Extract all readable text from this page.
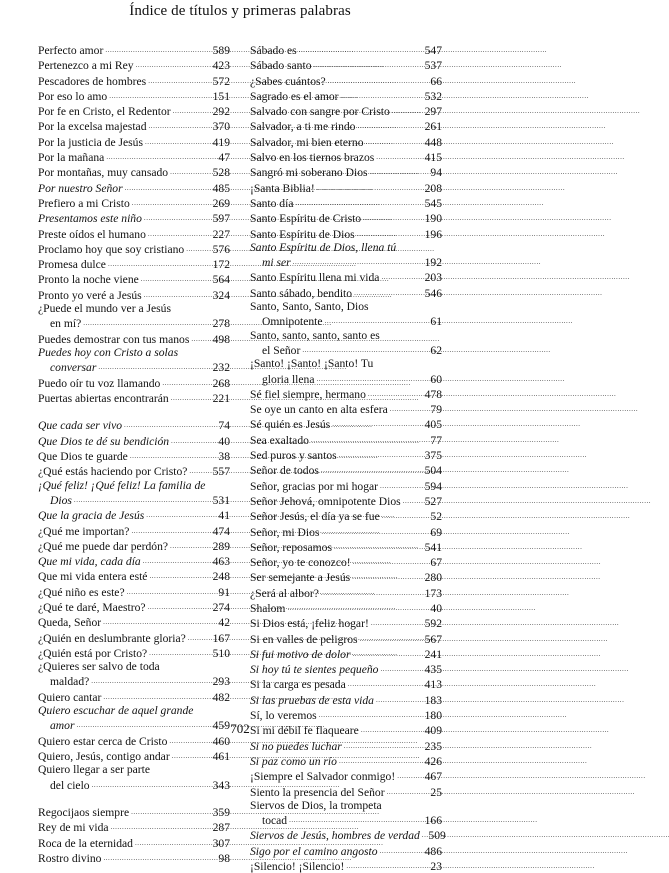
Índice de títulos y primeras palabras
Perfecto amor . . .	589
Pertenezco a mi Rey . . .	423
Pescadores de hombres . . .	572
Por eso lo amo . . .	151
Por fe en Cristo, el Redentor . . .	292
Por la excelsa majestad . . .	370
Por la justicia de Jesús . . .	419
Por la mañana . . .	47
Por montañas, muy cansado . . .	528
Por nuestro Señor . . .	485
Prefiero a mi Cristo . . .	269
Presentamos este niño . . .	597
Preste oídos el humano . . .	227
Proclamo hoy que soy cristiano . . . 576
Promesa dulce . . .	172
Pronto la noche viene . . .	564
Pronto yo veré a Jesús . . .	324
¿Puede el mundo ver a Jesús
en mí? . . .	278
Puedes demostrar con tus manos . . . 498
Puedes hoy con Cristo a solas
conversar . . .	232
Puedo oír tu voz llamando . . .	268
Puertas abiertas encontrarán . . .	221
Que cada ser vivo . . .	74
Que Dios te dé su bendición . . .	40
Que Dios te guarde . . .	38
¿Qué estás haciendo por Cristo? . . . 557
¡Qué feliz! ¡Qué feliz! La familia de
Dios . . .	531
Que la gracia de Jesús . . .	41
¿Qué me importan? . . .	474
¿Qué me puede dar perdón? . . .	289
Que mi vida, cada día . . .	463
Que mi vida entera esté . . .	248
¿Qué niño es este? . . .	91
¿Qué te daré, Maestro? . . .	274
Queda, Señor . . .	42
¿Quién en deslumbrante gloria? . . . 167
¿Quién está por Cristo? . . .	510
¿Quieres ser salvo de toda
maldad? . . .	293
Quiero cantar . . .	482
Quiero escuchar de aquel grande
amor . . .	459
Quiero estar cerca de Cristo . . .	460
Quiero, Jesús, contigo andar . . .	461
Quiero llegar a ser parte
del cielo . . .	343
Regocijaos siempre . . .	359
Rey de mi vida . . .	287
Roca de la eternidad . . .	307
Rostro divino . . .	98
Sábado es . . .	547
Sábado santo . . .	537
¿Sabes cuántos? . . .	66
Sagrado es el amor . . .	532
Salvado con sangre por Cristo . . .	297
Salvador, a ti me rindo . . .	261
Salvador, mi bien eterno . . .	448
Salvo en los tiernos brazos . . .	415
Sangró mi soberano Dios . . .	94
¡Santa Biblia! . . .	208
Santo día . . .	545
Santo Espíritu de Cristo . . .	190
Santo Espíritu de Dios . . .	196
Santo Espíritu de Dios, llena tú
mi ser . . .	192
Santo Espíritu llena mi vida . . .	203
Santo sábado, bendito . . .	546
Santo, Santo, Santo, Dios
Omnipotente . . .	61
Santo, santo, santo, santo es
el Señor . . .	62
¡Santo! ¡Santo! ¡Santo! Tu
gloria llena . . .	60
Sé fiel siempre, hermano . . .	478
Se oye un canto en alta esfera . . .	79
Sé quién es Jesús . . .	405
Sea exaltado . . .	77
Sed puros y santos . . .	375
Señor de todos . . .	504
Señor, gracias por mi hogar . . .	594
Señor Jehová, omnipotente Dios . . . 527
Señor Jesús, el día ya se fue . . .	52
Señor, mi Dios . . .	69
Señor, reposamos . . .	541
Señor, yo te conozco! . . .	67
Ser semejante a Jesús . . .	280
¿Será al albor? . . .	173
Shalom . . .	40
Si Dios está, ¡feliz hogar! . . .	592
Si en valles de peligros . . .	567
Si fui motivo de dolor . . .	241
Si hoy tú te sientes pequeño . . .	435
Si la carga es pesada . . .	413
Si las pruebas de esta vida . . .	183
Sí, lo veremos . . .	180
Si mi débil fe flaqueare . . .	409
Si no puedes luchar . . .	235
Si paz como un río . . .	426
¡Siempre el Salvador conmigo! . . .	467
Siento la presencia del Señor . . .	25
Siervos de Dios, la trompeta
tocad . . .	166
Siervos de Jesús, hombres de verdad . . . 509
Sigo por el camino angosto . . .	486
¡Silencio! ¡Silencio! . . .	23
702
